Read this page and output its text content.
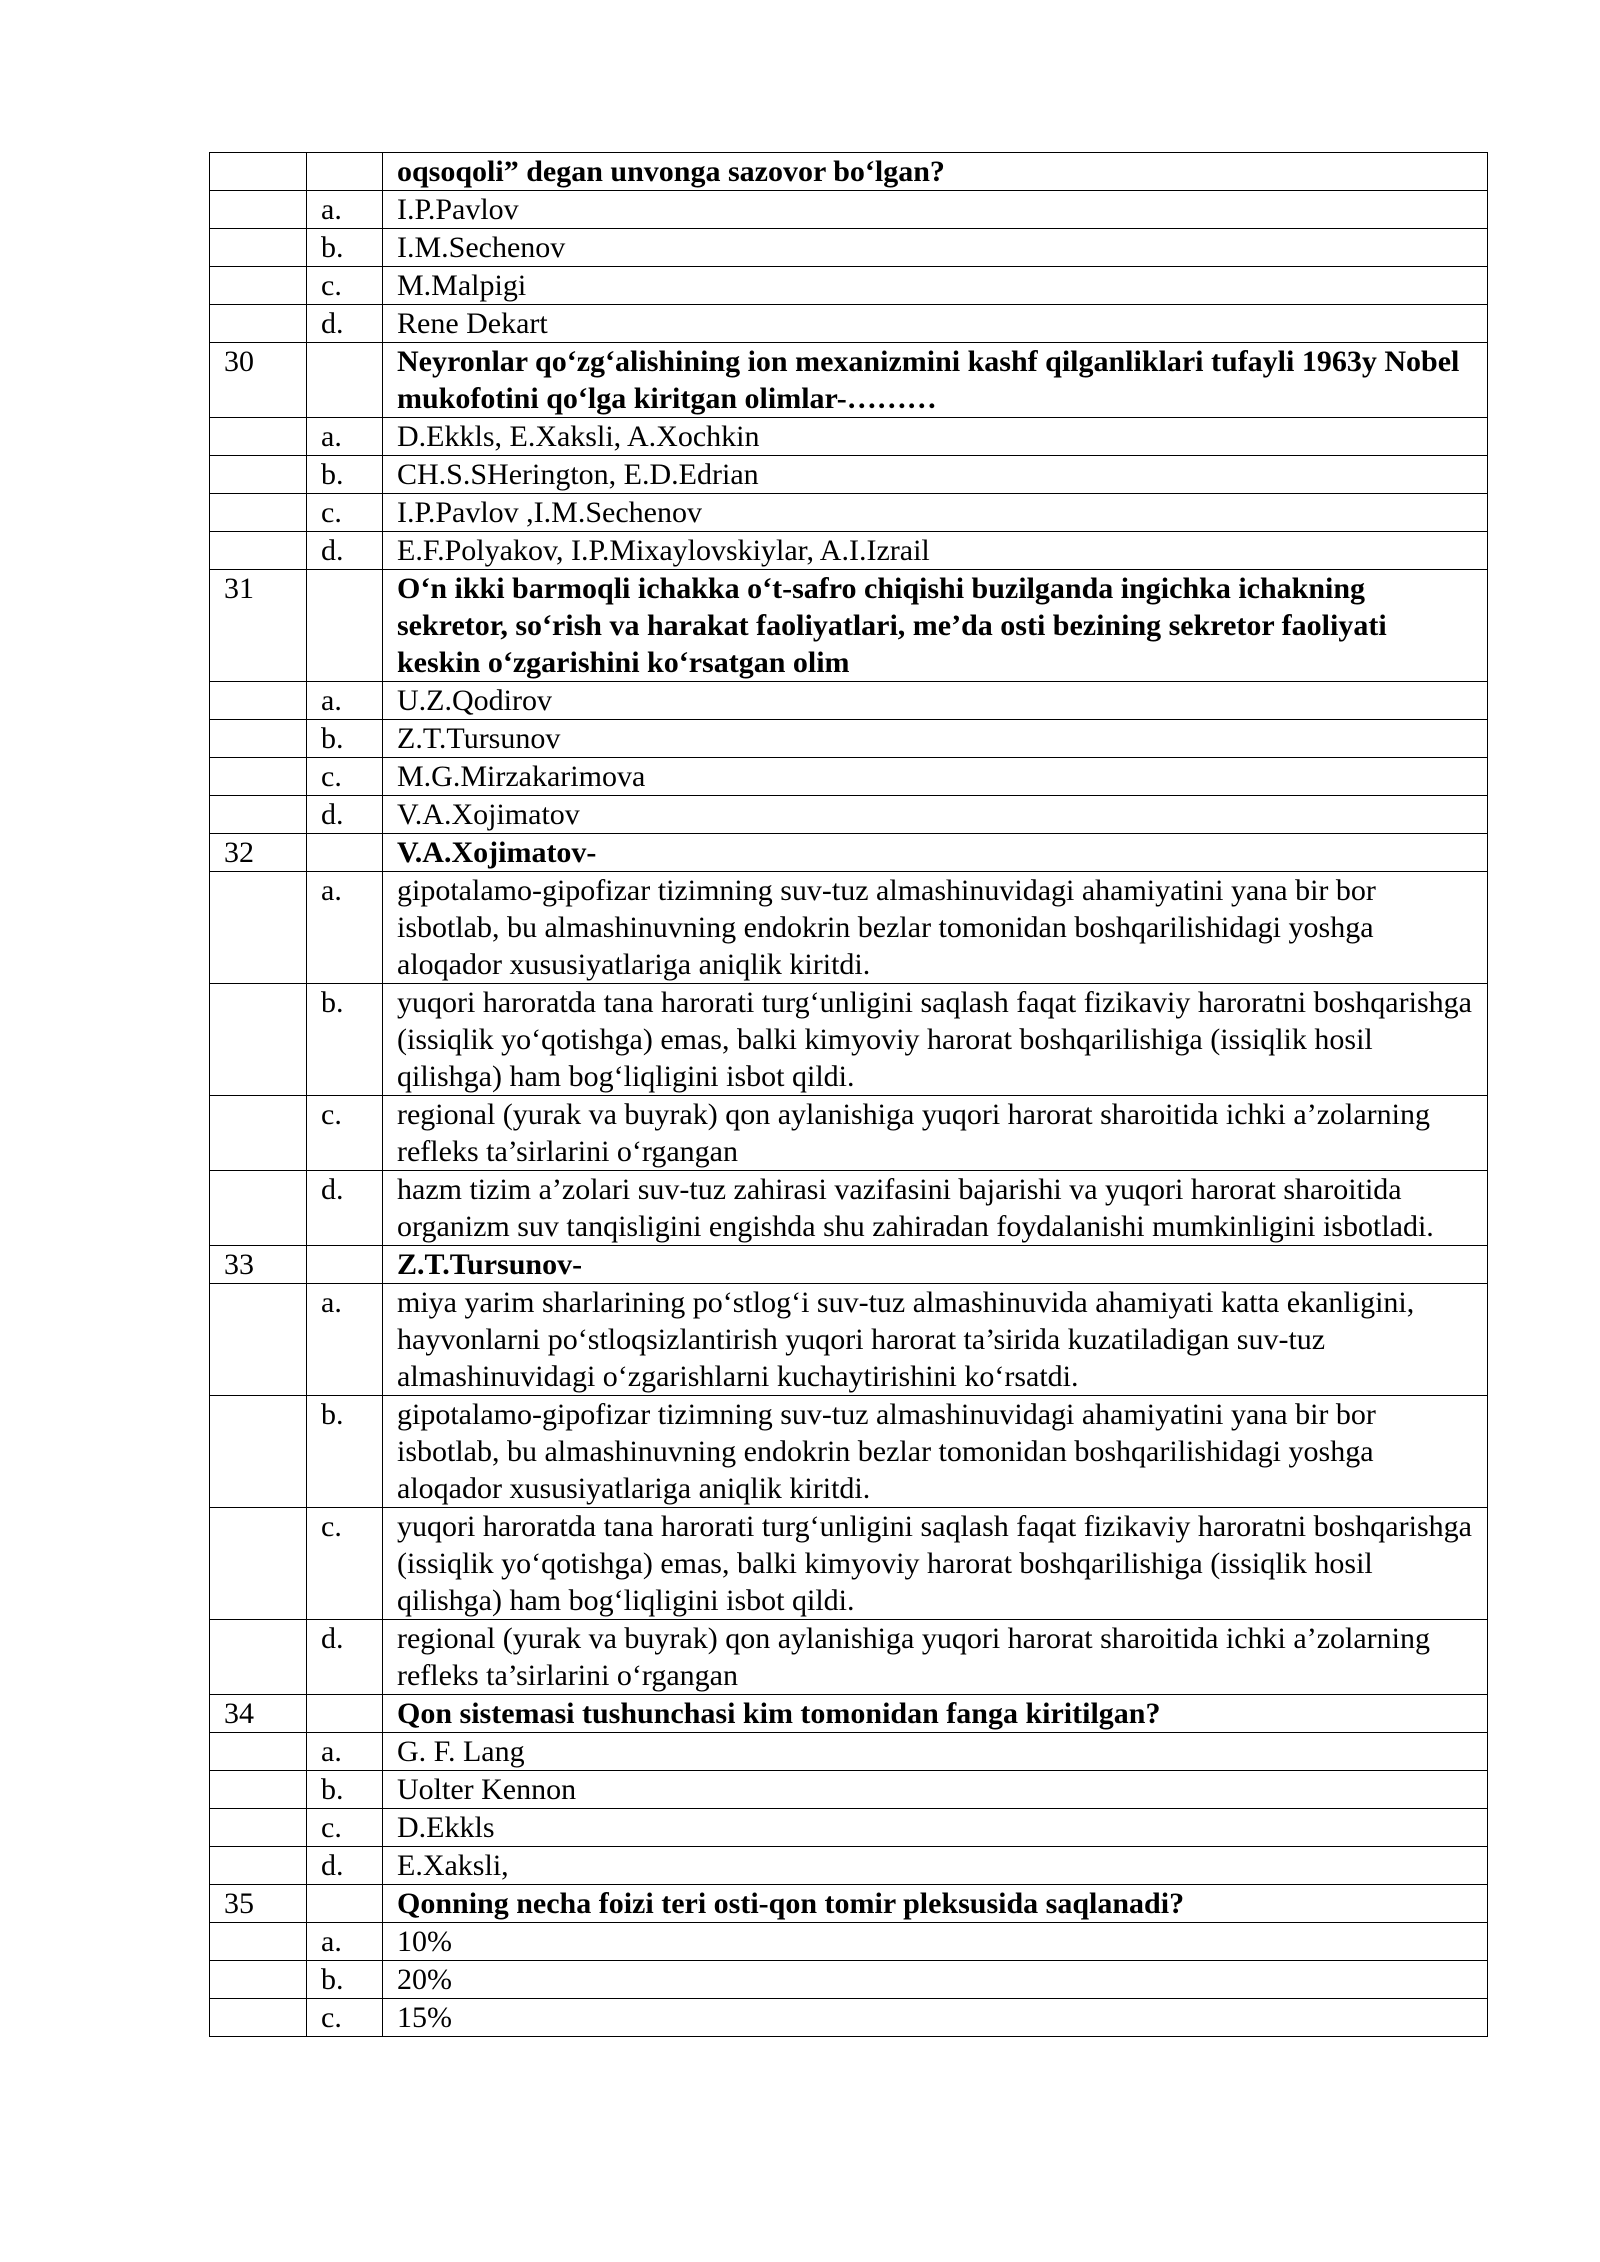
		oqsoqoli” degan unvonga sazovor bo‘lgan?
	a.	I.P.Pavlov
	b.	I.M.Sechenov
	c.	M.Malpigi
	d.	Rene Dekart
30		Neyronlar qo‘zg‘alishining ion mexanizmini kashf qilganliklari tufayli 1963y Nobel mukofotini qo‘lga kiritgan olimlar-………
	a.	D.Ekkls, E.Xaksli, A.Xochkin
	b.	CH.S.SHerington, E.D.Edrian
	c.	I.P.Pavlov ,I.M.Sechenov
	d.	E.F.Polyakov, I.P.Mixaylovskiylar, A.I.Izrail
31		O‘n ikki barmoqli ichakka o‘t-safro chiqishi buzilganda ingichka ichakning sekretor, so‘rish va harakat faoliyatlari, me’da osti bezining sekretor faoliyati keskin o‘zgarishini ko‘rsatgan olim
	a.	U.Z.Qodirov
	b.	Z.T.Tursunov
	c.	M.G.Mirzakarimova
	d.	V.A.Xojimatov
32		V.A.Xojimatov-
	a.	gipotalamo-gipofizar tizimning suv-tuz almashinuvidagi ahamiyatini yana bir bor isbotlab, bu almashinuvning endokrin bezlar tomonidan boshqarilishidagi yoshga aloqador xususiyatlariga aniqlik kiritdi.
	b.	yuqori haroratda tana harorati turg‘unligini saqlash faqat fizikaviy haroratni boshqarishga (issiqlik yo‘qotishga) emas, balki kimyoviy harorat boshqarilishiga (issiqlik hosil qilishga) ham bog‘liqligini isbot qildi.
	c.	regional (yurak va buyrak) qon aylanishiga yuqori harorat sharoitida ichki a’zolarning refleks ta’sirlarini o‘rgangan
	d.	hazm tizim a’zolari suv-tuz zahirasi vazifasini bajarishi va yuqori harorat sharoitida organizm suv tanqisligini engishda shu zahiradan foydalanishi mumkinligini isbotladi.
33		Z.T.Tursunov-
	a.	miya yarim sharlarining po‘stlog‘i suv-tuz almashinuvida ahamiyati katta ekanligini, hayvonlarni po‘stloqsizlantirish yuqori harorat ta’sirida kuzatiladigan suv-tuz almashinuvidagi o‘zgarishlarni kuchaytirishini ko‘rsatdi.
	b.	gipotalamo-gipofizar tizimning suv-tuz almashinuvidagi ahamiyatini yana bir bor isbotlab, bu almashinuvning endokrin bezlar tomonidan boshqarilishidagi yoshga aloqador xususiyatlariga aniqlik kiritdi.
	c.	yuqori haroratda tana harorati turg‘unligini saqlash faqat fizikaviy haroratni boshqarishga (issiqlik yo‘qotishga) emas, balki kimyoviy harorat boshqarilishiga (issiqlik hosil qilishga) ham bog‘liqligini isbot qildi.
	d.	regional (yurak va buyrak) qon aylanishiga yuqori harorat sharoitida ichki a’zolarning refleks ta’sirlarini o‘rgangan
34		Qon sistemasi tushunchasi kim tomonidan fanga kiritilgan?
	a.	G. F. Lang
	b.	Uolter Kennon
	c.	D.Ekkls
	d.	E.Xaksli,
35		Qonning necha foizi teri osti-qon tomir pleksusida saqlanadi?
	a.	10%
	b.	20%
	c.	15%
